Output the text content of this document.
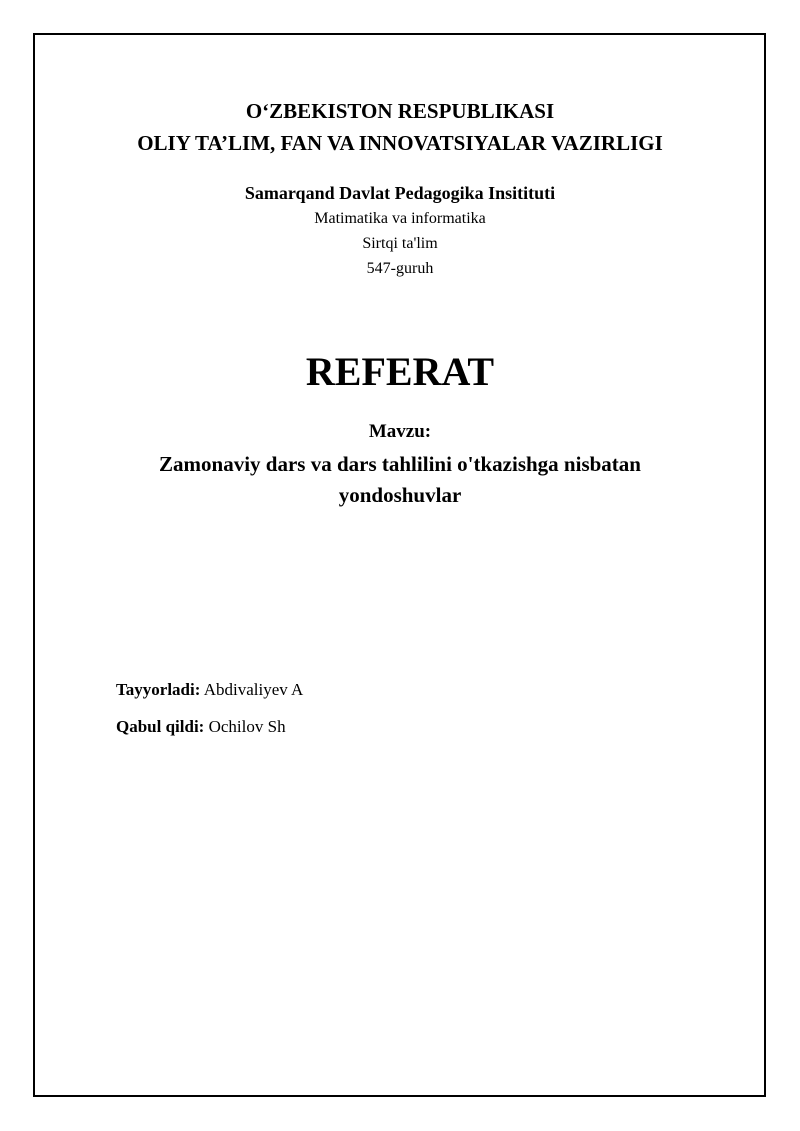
O‘ZBEKISTON RESPUBLIKASI
OLIY TA’LIM, FAN VA INNOVATSIYALAR VAZIRLIGI
Samarqand Davlat Pedagogika Insitituti
Matimatika va informatika
Sirtqi ta'lim
547-guruh
REFERAT
Mavzu:
Zamonaviy dars va dars tahlilini o'tkazishga nisbatan
yondoshuvlar
Tayyorladi: Abdivaliyev A
Qabul qildi: Ochilov Sh
